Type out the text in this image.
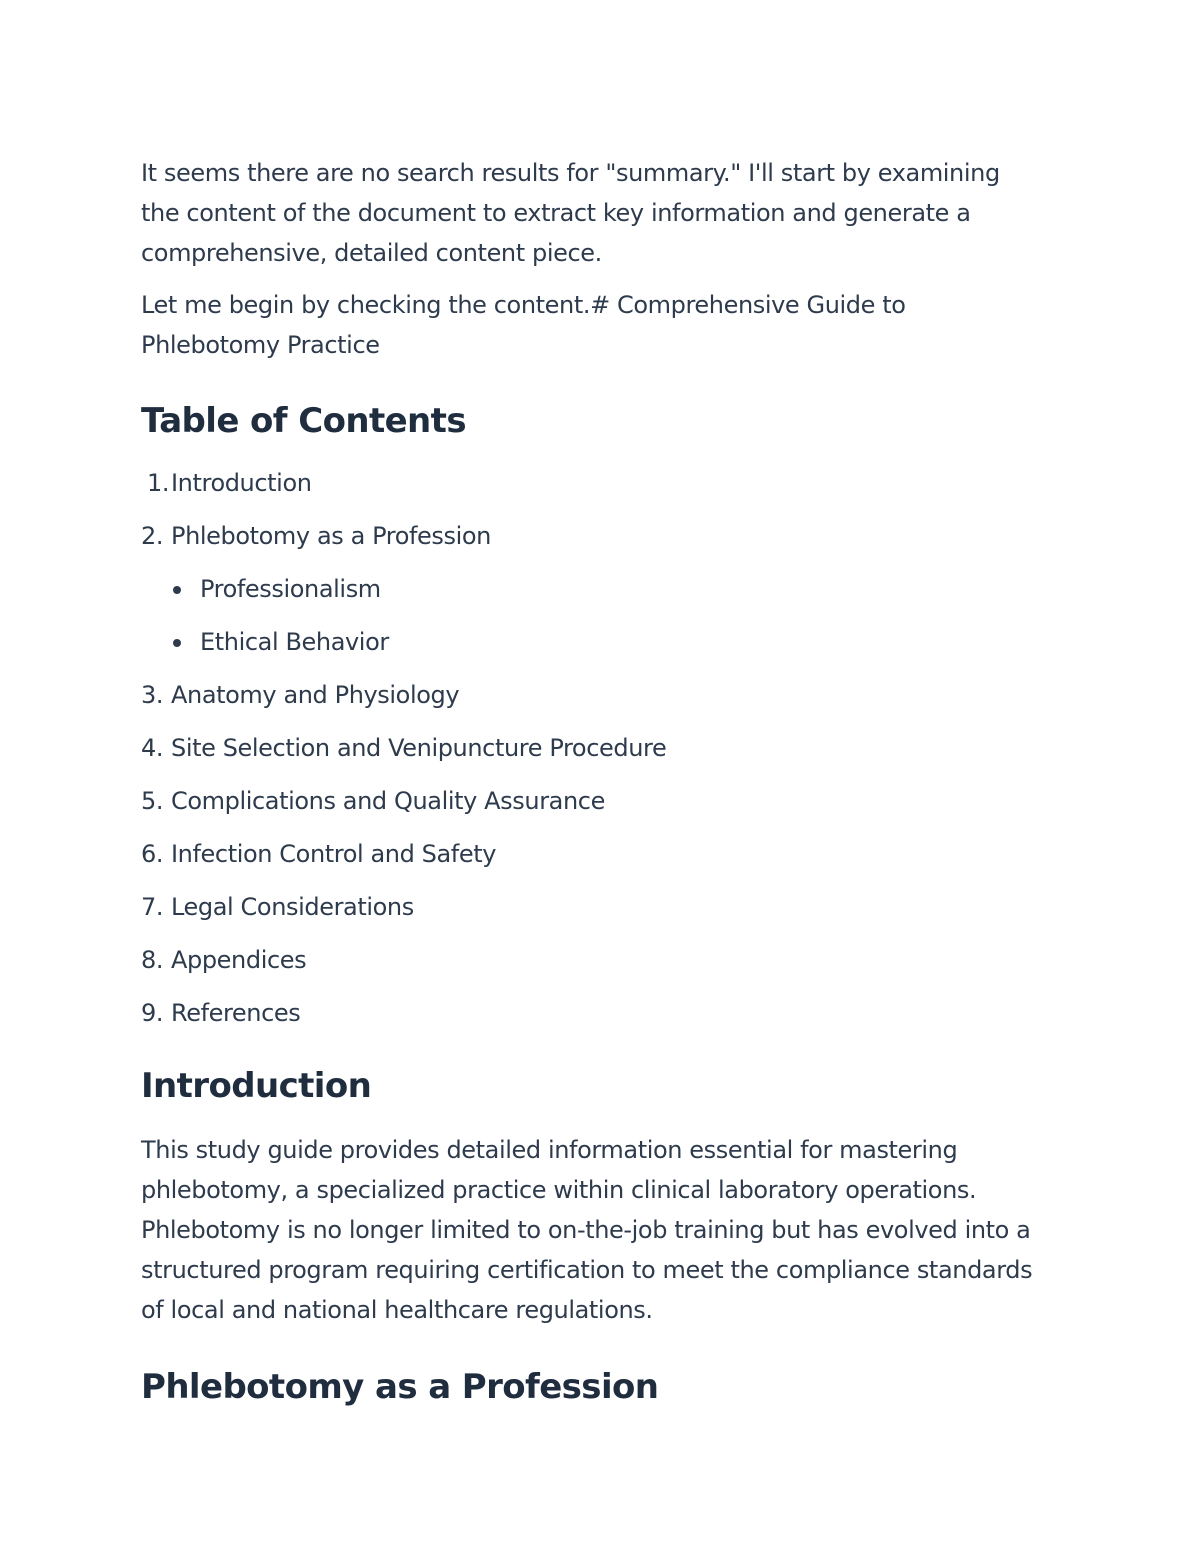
It seems there are no search results for "summary." I'll start by examining the content of the document to extract key information and generate a comprehensive, detailed content piece.

Let me begin by checking the content.# Comprehensive Guide to Phlebotomy Practice

Table of Contents
1.Introduction
2. Phlebotomy as a Profession
Professionalism
Ethical Behavior
3. Anatomy and Physiology
4. Site Selection and Venipuncture Procedure
5. Complications and Quality Assurance
6. Infection Control and Safety
7. Legal Considerations
8. Appendices
9. References
Introduction

This study guide provides detailed information essential for mastering phlebotomy, a specialized practice within clinical laboratory operations. Phlebotomy is no longer limited to on-the-job training but has evolved into a structured program requiring certification to meet the compliance standards of local and national healthcare regulations.

Phlebotomy as a Profession
